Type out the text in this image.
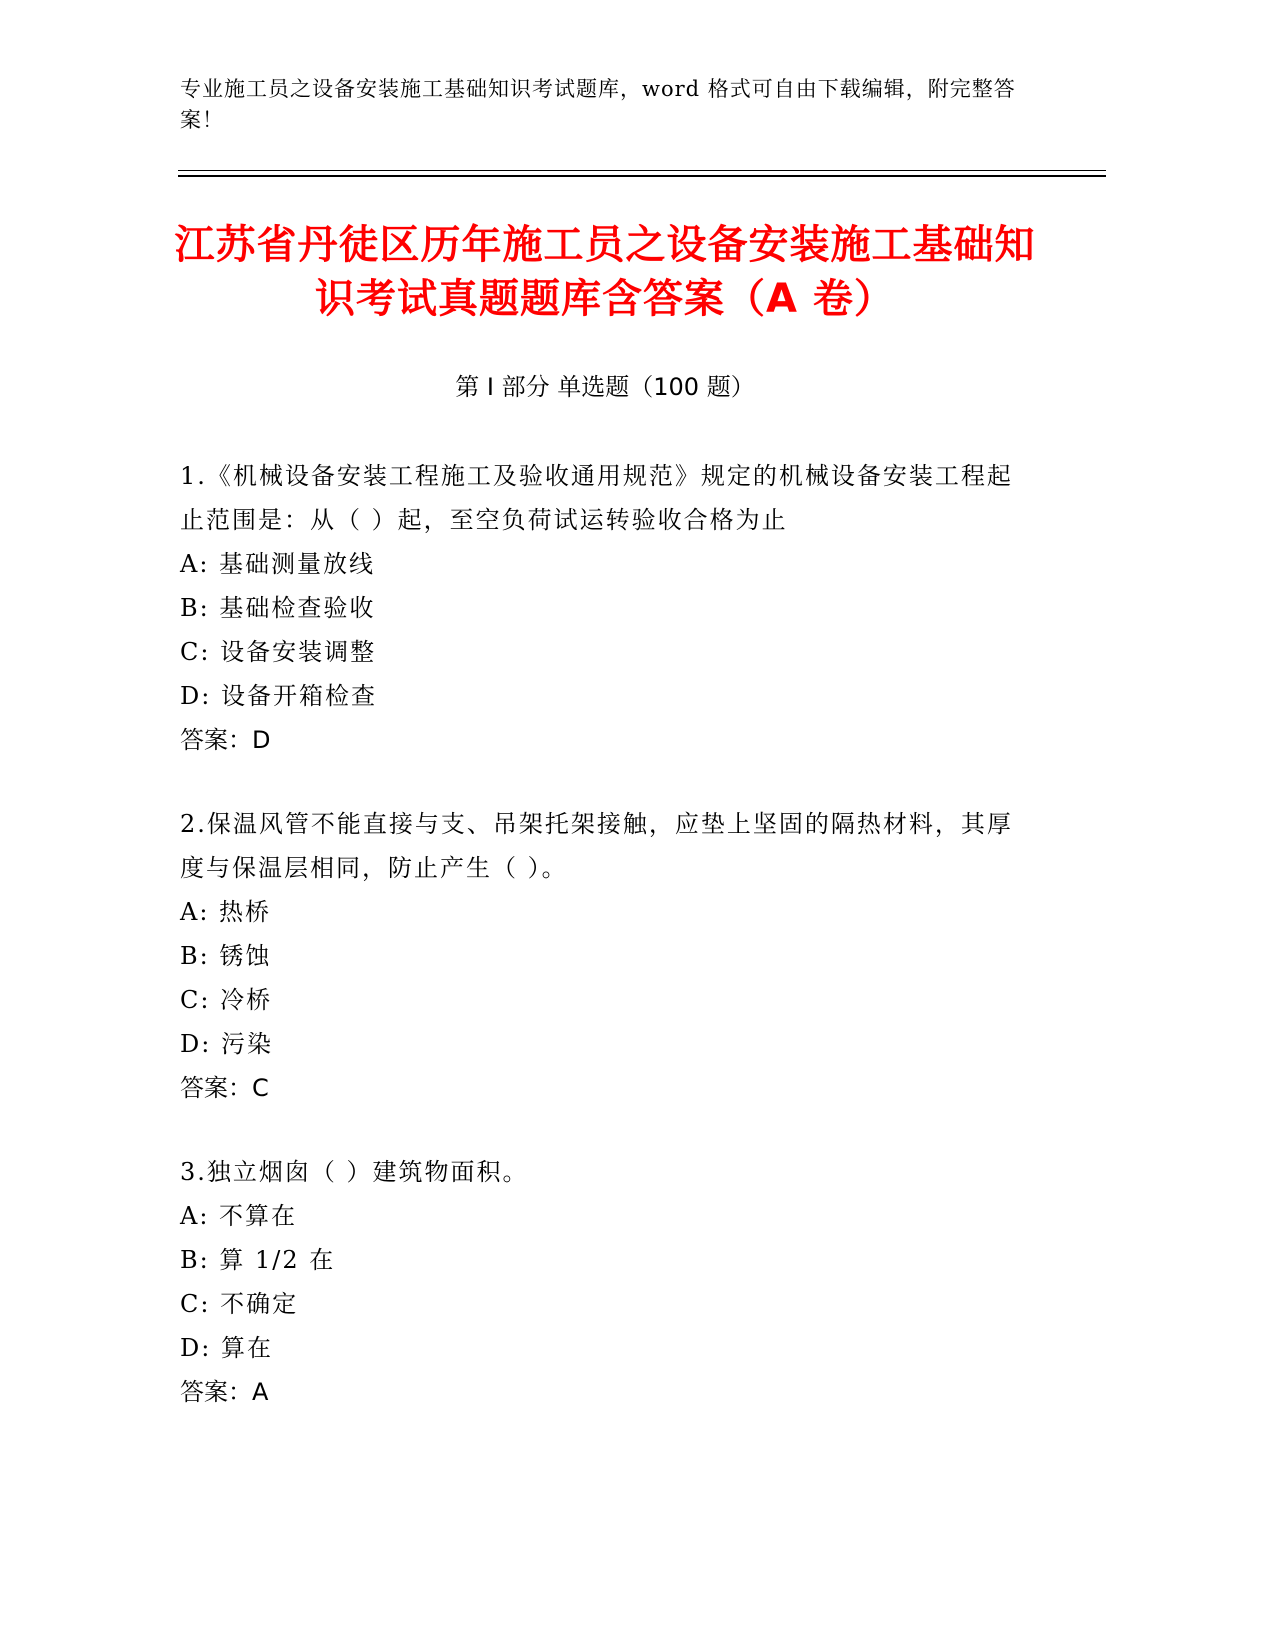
专业施工员之设备安装施工基础知识考试题库，word 格式可自由下载编辑，附完整答案！
江苏省丹徒区历年施工员之设备安装施工基础知识考试真题题库含答案（A 卷）
第 I 部分 单选题（100 题）
1.《机械设备安装工程施工及验收通用规范》规定的机械设备安装工程起止范围是：从（ ）起，至空负荷试运转验收合格为止
A: 基础测量放线
B: 基础检查验收
C: 设备安装调整
D: 设备开箱检查
答案：D
2.保温风管不能直接与支、吊架托架接触，应垫上坚固的隔热材料，其厚度与保温层相同，防止产生（ ）。
A: 热桥
B: 锈蚀
C: 冷桥
D: 污染
答案：C
3.独立烟囱（ ）建筑物面积。
A: 不算在
B: 算 1/2 在
C: 不确定
D: 算在
答案：A
